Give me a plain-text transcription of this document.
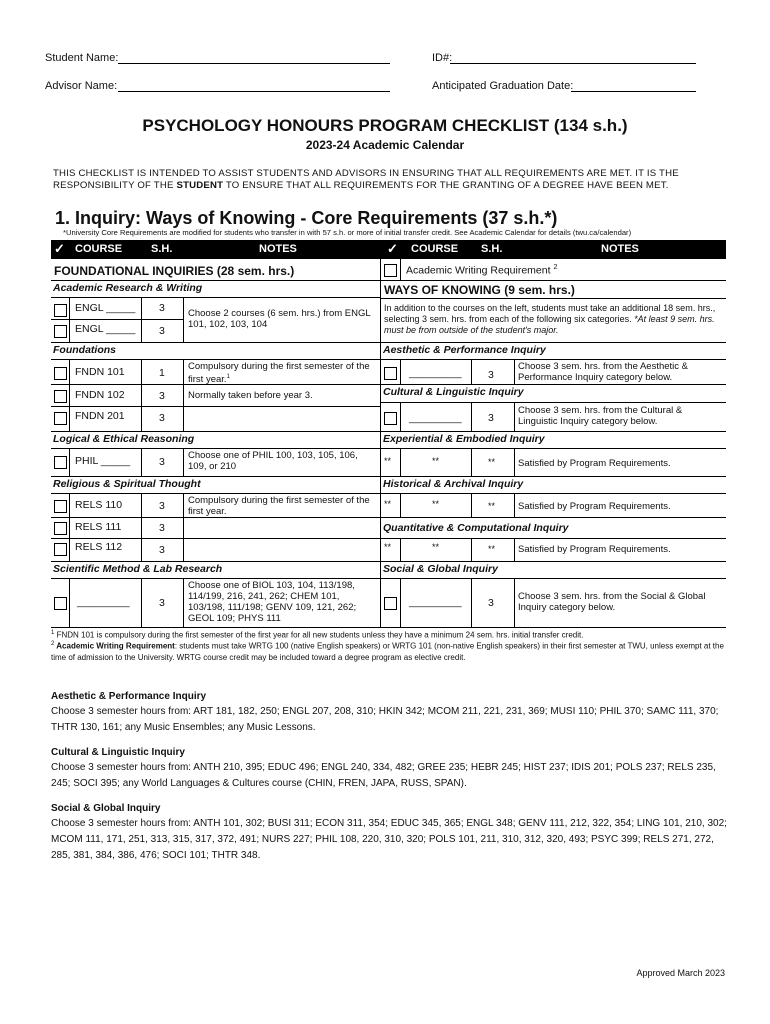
Student Name:	ID#:
Advisor Name:	Anticipated Graduation Date:
PSYCHOLOGY HONOURS PROGRAM CHECKLIST (134 s.h.)
2023-24 Academic Calendar
THIS CHECKLIST IS INTENDED TO ASSIST STUDENTS AND ADVISORS IN ENSURING THAT ALL REQUIREMENTS ARE MET. IT IS THE
RESPONSIBILITY OF THE STUDENT TO ENSURE THAT ALL REQUIREMENTS FOR THE GRANTING OF A DEGREE HAVE BEEN MET.
1. Inquiry: Ways of Knowing - Core Requirements (37 s.h.*)
*University Core Requirements are modified for students who transfer in with 57 s.h. or more of initial transfer credit. See Academic Calendar for details (twu.ca/calendar)
✓ COURSE	S.H.	NOTES	✓ COURSE S.H.	NOTES
FOUNDATIONAL INQUIRIES (28 sem. hrs.)
Academic Research & Writing
ENGL _____ 3
ENGL _____ 3
Choose 2 courses (6 sem. hrs.) from ENGL 101, 102, 103, 104
Foundations
FNDN 101	1
Compulsory during the first semester of the first year.$^1$
FNDN 102	3 Normally taken before year 3.
FNDN 201	3
Logical & Ethical Reasoning
PHIL _____	3
Choose one of PHIL 100, 103, 105, 106, 109, or 210
Religious & Spiritual Thought
RELS 110	3 Compulsory during the first semester of the first year.
RELS 111	3
RELS 112	3
Scientific Method & Lab Research
_________	3
Choose one of BIOL 103, 104, 113/198, 114/199, 216, 241, 262; CHEM 101, 103/198, 111/198; GENV 109, 121, 262; GEOL 109; PHYS 111
Academic Writing Requirement $^2$
WAYS OF KNOWING (9 sem. hrs.)
In addition to the courses on the left, students must take an additional 18 sem. hrs., selecting 3 sem. hrs. from each of the following six categories. *At least 9 sem. hrs. must be from outside of the student's major.
Aesthetic & Performance Inquiry
_________	3
Choose 3 sem. hrs. from the Aesthetic & Performance Inquiry category below.
Cultural & Linguistic Inquiry
_________	3
Choose 3 sem. hrs. from the Cultural & Linguistic Inquiry category below.
Experiential & Embodied Inquiry
**	**	** Satisfied by Program Requirements.
Historical & Archival Inquiry
**	**	** Satisfied by Program Requirements.
Quantitative & Computational Inquiry
**	**	** Satisfied by Program Requirements.
Social & Global Inquiry
_________	3
Choose 3 sem. hrs. from the Social & Global Inquiry category below.
$^1$ FNDN 101 is compulsory during the first semester of the first year for all new students unless they have a minimum 24 sem. hrs. initial transfer credit.
$^2$ Academic Writing Requirement: students must take WRTG 100 (native English speakers) or WRTG 101 (non-native English speakers) in their first semester at TWU, unless exempt at the time of admission to the University. WRTG course credit may be included toward a degree program as elective credit.
Aesthetic & Performance Inquiry
Choose 3 semester hours from: ART 181, 182, 250; ENGL 207, 208, 310; HKIN 342; MCOM 211, 221, 231, 369; MUSI 110; PHIL 370; SAMC 111, 370; THTR 130, 161; any Music Ensembles; any Music Lessons.
Cultural & Linguistic Inquiry
Choose 3 semester hours from: ANTH 210, 395; EDUC 496; ENGL 240, 334, 482; GREE 235; HEBR 245; HIST 237; IDIS 201; POLS 237; RELS 235, 245; SOCI 395; any World Languages & Cultures course (CHIN, FREN, JAPA, RUSS, SPAN).
Social & Global Inquiry
Choose 3 semester hours from: ANTH 101, 302; BUSI 311; ECON 311, 354; EDUC 345, 365; ENGL 348; GENV 111, 212, 322, 354; LING 101, 210, 302; MCOM 111, 171, 251, 313, 315, 317, 372, 491; NURS 227; PHIL 108, 220, 310, 320; POLS 101, 211, 310, 312, 320, 493; PSYC 399; RELS 271, 272, 285, 381, 384, 386, 476; SOCI 101; THTR 348.
Approved March 2023
